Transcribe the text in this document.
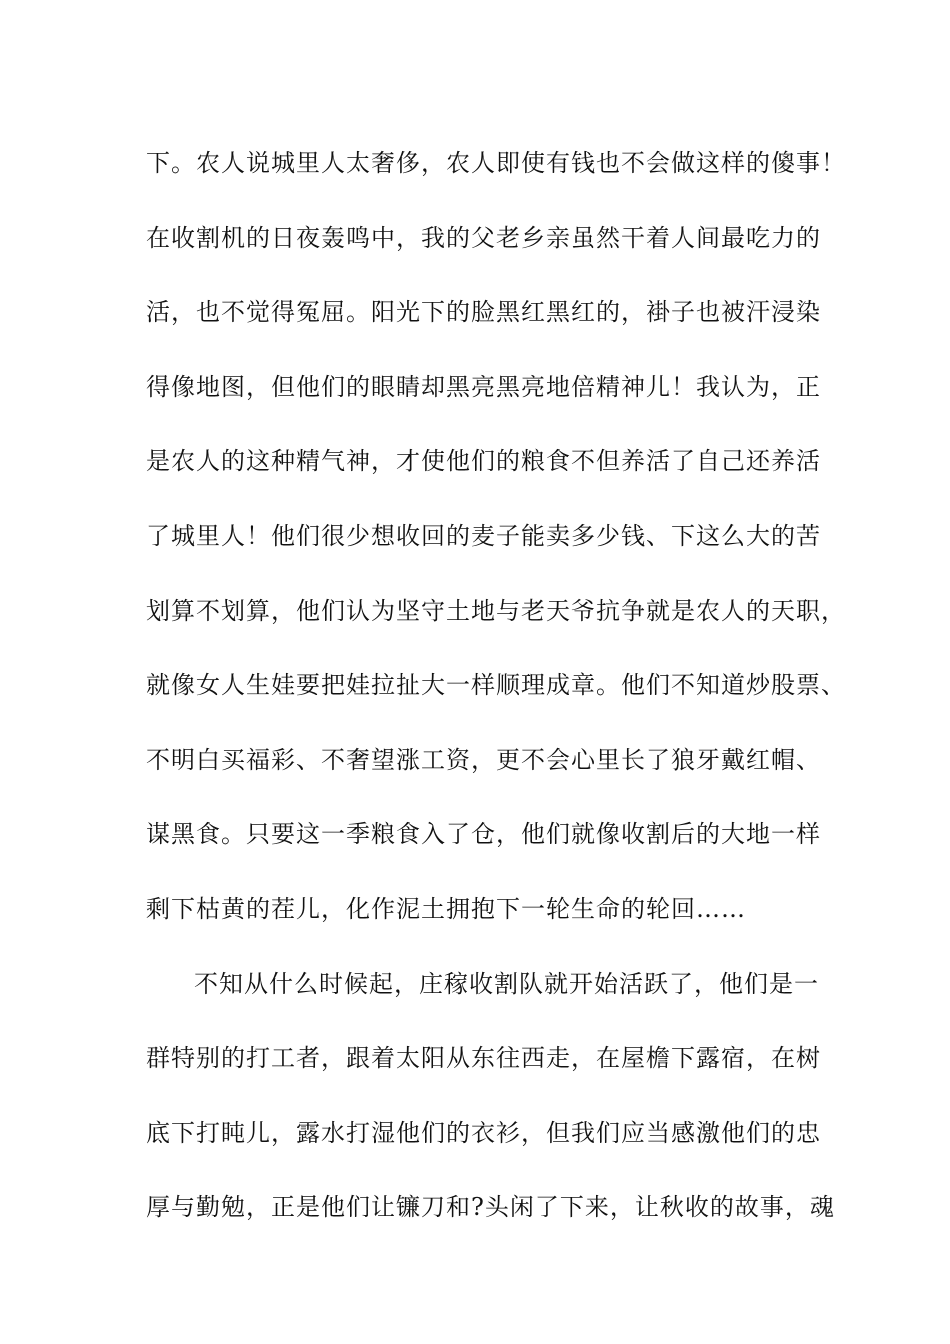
下。农人说城里人太奢侈，农人即使有钱也不会做这样的傻事！
在收割机的日夜轰鸣中，我的父老乡亲虽然干着人间最吃力的
活，也不觉得冤屈。阳光下的脸黑红黑红的，褂子也被汗浸染
得像地图，但他们的眼睛却黑亮黑亮地倍精神儿！我认为，正
是农人的这种精气神，才使他们的粮食不但养活了自己还养活
了城里人！他们很少想收回的麦子能卖多少钱、下这么大的苦
划算不划算，他们认为坚守土地与老天爷抗争就是农人的天职，
就像女人生娃要把娃拉扯大一样顺理成章。他们不知道炒股票、
不明白买福彩、不奢望涨工资，更不会心里长了狼牙戴红帽、
谋黑食。只要这一季粮食入了仓，他们就像收割后的大地一样
剩下枯黄的茬儿，化作泥土拥抱下一轮生命的轮回……
不知从什么时候起，庄稼收割队就开始活跃了，他们是一
群特别的打工者，跟着太阳从东往西走，在屋檐下露宿，在树
底下打盹儿，露水打湿他们的衣衫，但我们应当感激他们的忠
厚与勤勉，正是他们让镰刀和?头闲了下来，让秋收的故事，魂
